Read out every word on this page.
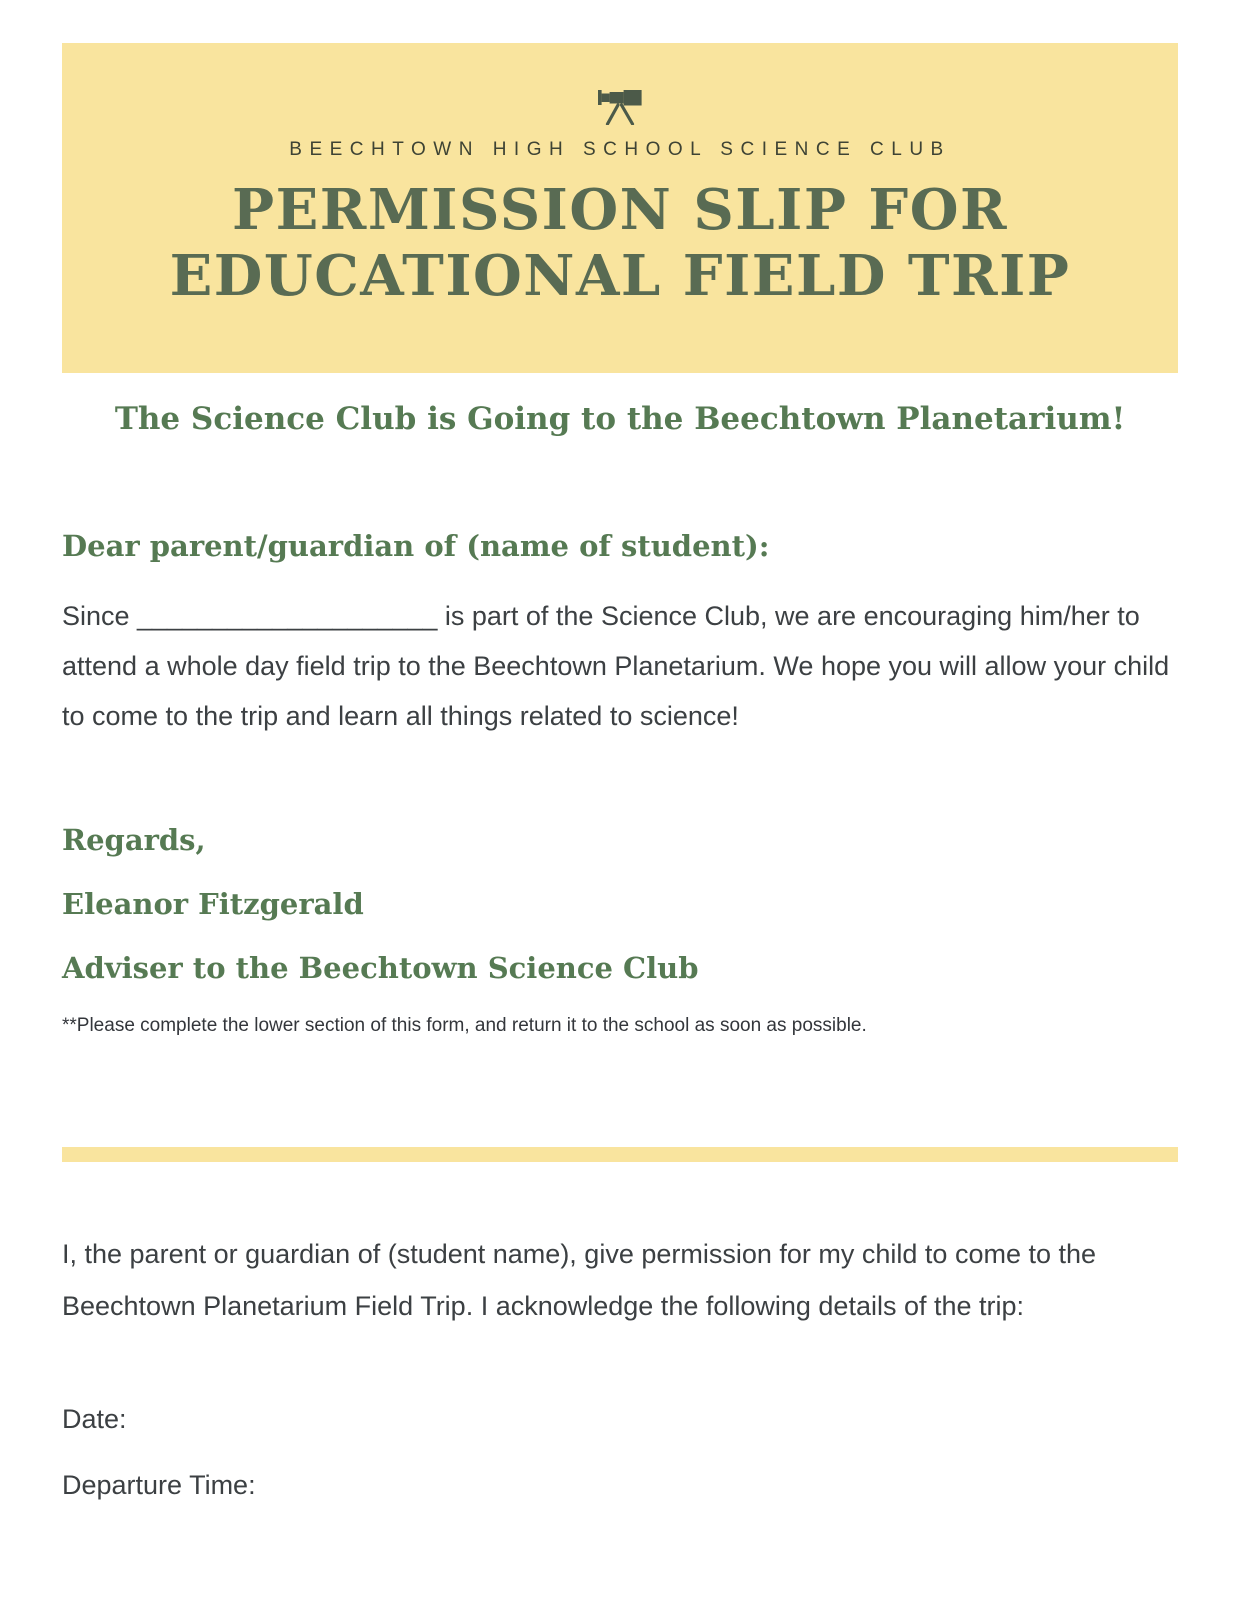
BEECHTOWN HIGH SCHOOL SCIENCE CLUB
PERMISSION SLIP FOR
EDUCATIONAL FIELD TRIP
The Science Club is Going to the Beechtown Planetarium!
Dear parent/guardian of (name of student):
Since ____________________ is part of the Science Club, we are encouraging him/her to attend a whole day field trip to the Beechtown Planetarium. We hope you will allow your child to come to the trip and learn all things related to science!
Regards,
Eleanor Fitzgerald
Adviser to the Beechtown Science Club
**Please complete the lower section of this form, and return it to the school as soon as possible.
I, the parent or guardian of (student name), give permission for my child to come to the Beechtown Planetarium Field Trip. I acknowledge the following details of the trip:
Date:
Departure Time:
